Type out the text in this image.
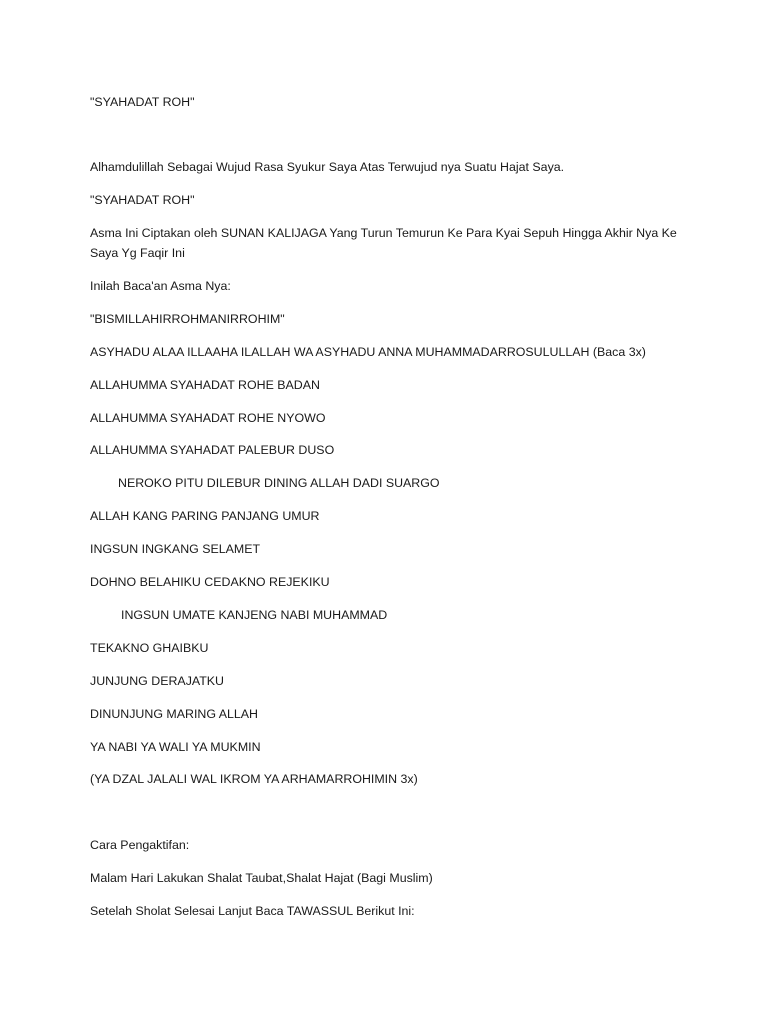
"SYAHADAT ROH"
Alhamdulillah Sebagai Wujud Rasa Syukur Saya Atas Terwujud nya Suatu Hajat Saya.
"SYAHADAT ROH"
Asma Ini Ciptakan oleh SUNAN KALIJAGA Yang Turun Temurun Ke Para Kyai Sepuh Hingga Akhir Nya Ke
Saya Yg Faqir Ini
Inilah Baca'an Asma Nya:
"BISMILLAHIRROHMANIRROHIM"
ASYHADU ALAA ILLAAHA ILALLAH WA ASYHADU ANNA MUHAMMADARROSULULLAH (Baca 3x)
ALLAHUMMA SYAHADAT ROHE BADAN
ALLAHUMMA SYAHADAT ROHE NYOWO
ALLAHUMMA SYAHADAT PALEBUR DUSO
NEROKO PITU DILEBUR DINING ALLAH DADI SUARGO
ALLAH KANG PARING PANJANG UMUR
INGSUN INGKANG SELAMET
DOHNO BELAHIKU CEDAKNO REJEKIKU
INGSUN UMATE KANJENG NABI MUHAMMAD
TEKAKNO GHAIBKU
JUNJUNG DERAJATKU
DINUNJUNG MARING ALLAH
YA NABI YA WALI YA MUKMIN
(YA DZAL JALALI WAL IKROM YA ARHAMARROHIMIN 3x)
Cara Pengaktifan:
Malam Hari Lakukan Shalat Taubat,Shalat Hajat (Bagi Muslim)
Setelah Sholat Selesai Lanjut Baca TAWASSUL Berikut Ini:
